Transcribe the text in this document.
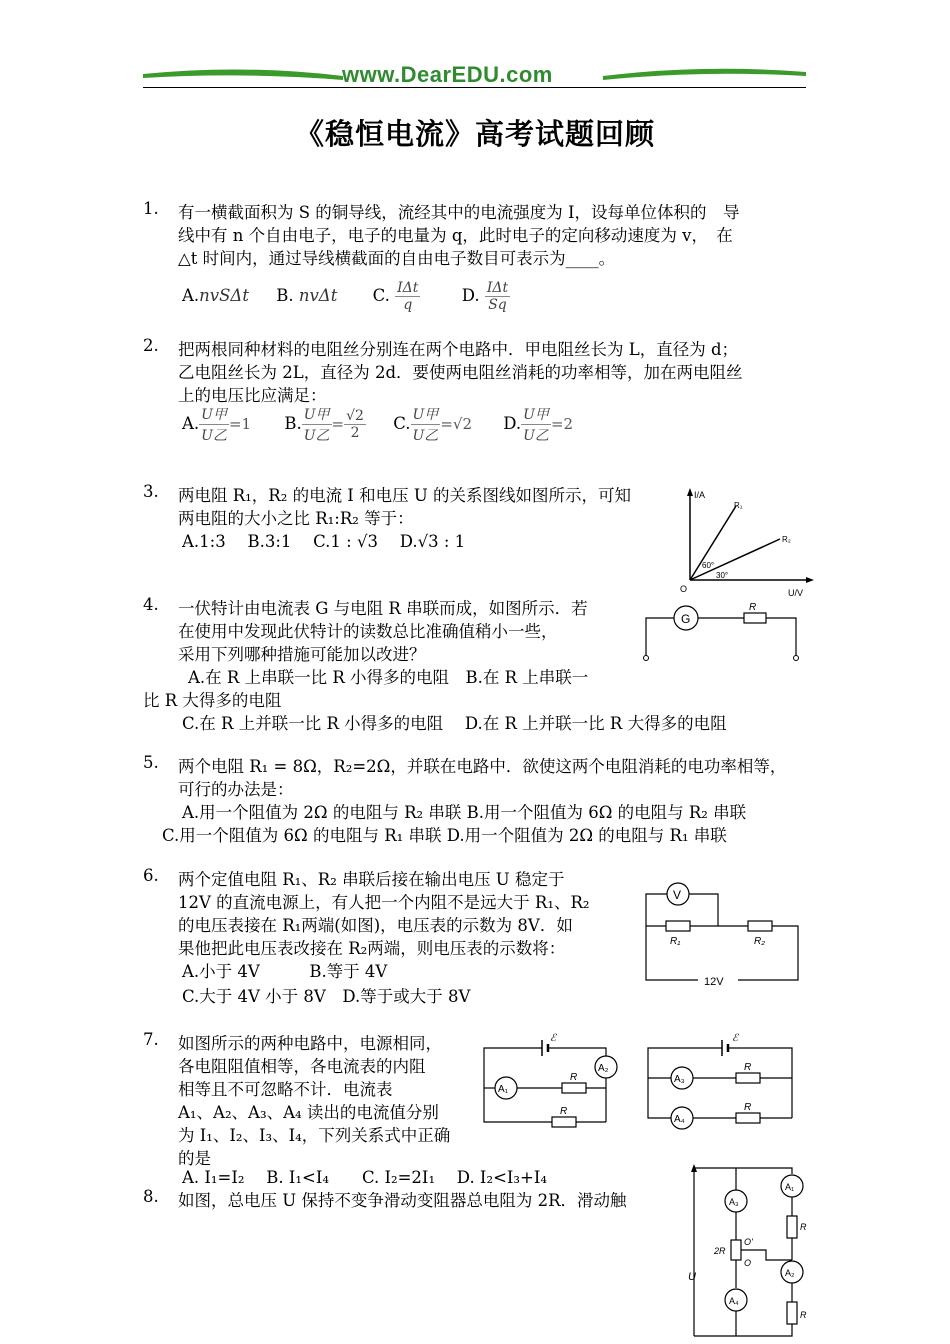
www.DearEDU.com
《稳恒电流》高考试题回顾
1. 有一横截面积为 S 的铜导线，流经其中的电流强度为 I，设每单位体积的　导
线中有 n 个自由电子，电子的电量为 q，此时电子的定向移动速度为 v，　在
△t 时间内，通过导线横截面的自由电子数目可表示为____。
A.nvSΔt B. nvΔt C. $\frac{\text{IΔt}}{q}$	D. $\frac{\text{IΔt}}{Sq}$
2. 把两根同种材料的电阻丝分别连在两个电路中．甲电阻丝长为 L，直径为 d；
乙电阻丝长为 2L，直径为 2d．要使两电阻丝消耗的功率相等，加在两电阻丝
上的电压比应满足：
A. $\frac{\text{U甲}}{\text{U乙}} =1$ B. $\frac{\text{U甲}}{\text{U乙}} = \frac{√2}{2} C$. $\frac{\text{U甲}}{\text{U乙}} =√2$ D. $\frac{\text{U甲}}{\text{U乙}} =2$
3. 两电阻 R₁，R₂ 的电流 I 和电压 U 的关系图线如图所示，可知
两电阻的大小之比 R₁:R₂ 等于：
A.1:3　 B.3:1　 C.1 : √3　 D.√3 : 1
I/A
U/V
O
R₁
R₂
60°
30°
4. 一伏特计由电流表 G 与电阻 R 串联而成，如图所示．若
在使用中发现此伏特计的读数总比准确值稍小一些，
采用下列哪种措施可能加以改进？
A.在 R 上串联一比 R 小得多的电阻　B.在 R 上串联一
比 R 大得多的电阻
C.在 R 上并联一比 R 小得多的电阻　 D.在 R 上并联一比 R 大得多的电阻
G
R
5. 两个电阻 R₁ = 8Ω，R₂=2Ω，并联在电路中．欲使这两个电阻消耗的电功率相等，
可行的办法是：
A.用一个阻值为 2Ω 的电阻与 R₂ 串联 B.用一个阻值为 6Ω 的电阻与 R₂ 串联
C.用一个阻值为 6Ω 的电阻与 R₁ 串联 D.用一个阻值为 2Ω 的电阻与 R₁ 串联
6. 两个定值电阻 R₁、R₂ 串联后接在输出电压 U 稳定于
12V 的直流电源上，有人把一个内阻不是远大于 R₁、R₂
的电压表接在 R₁两端(如图)，电压表的示数为 8V．如
果他把此电压表改接在 R₂两端，则电压表的示数将：
A.小于 4V　　　B.等于 4V
C.大于 4V 小于 8V　D.等于或大于 8V
V
R₁	R₂
12V
7. 如图所示的两种电路中，电源相同，
各电阻阻值相等，各电流表的内阻
相等且不可忽略不计．电流表
A₁、A₂、A₃、A₄ 读出的电流值分别
为 I₁、I₂、I₃、I₄，下列关系式中正确
的是
A. I₁=I₂　 B. I₁<I₄　　C. I₂=2I₁　 D. I₂<I₃+I₄
ℰ
A₂
A₁
R
R
ℰ
A₃
R
A₄
R
8. 如图，总电压 U 保持不变争滑动变阻器总电阻为 2R．滑动触
U
A₃
2R
O'
O
A₄
A₁
R
A₂
R
